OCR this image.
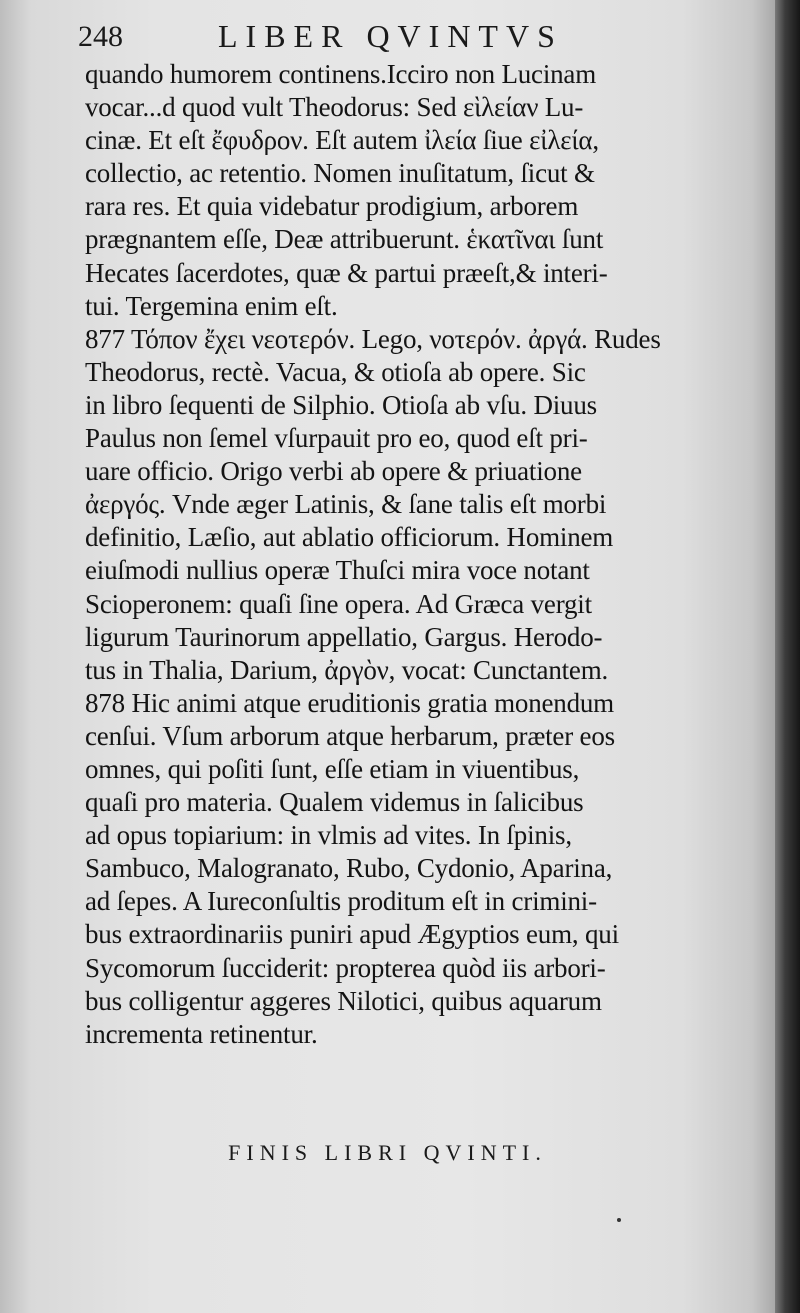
248	LIBER QVINTVS
quando humorem continens.Icciro non Lucinam
vocar...d quod vult Theodorus: Sed εὶλείαν Lu-
cinæ. Et eſt ἔφυδρον. Eſt autem ἰλεία ſiue εἰλεία,
collectio, ac retentio. Nomen inuſitatum, ſicut &
rara res. Et quia videbatur prodigium, arborem
prægnantem eſſe, Deæ attribuerunt. ἑκατῖναι ſunt
Hecates ſacerdotes, quæ & partui præeſt,& interi-
tui. Tergemina enim eſt.
877 Τόπον ἔχει νεοτερόν. Lego, νοτερόν. ἀργά. Rudes
Theodorus, rectè. Vacua, & otioſa ab opere. Sic
in libro ſequenti de Silphio. Otioſa ab vſu. Diuus
Paulus non ſemel vſurpauit pro eo, quod eſt pri-
uare officio. Origo verbi ab opere & priuatione
ἀεργός. Vnde æger Latinis, & ſane talis eſt morbi
definitio, Læſio, aut ablatio officiorum. Hominem
eiuſmodi nullius operæ Thuſci mira voce notant
Scioperonem: quaſi ſine opera. Ad Græca vergit
ligurum Taurinorum appellatio, Gargus. Herodo-
tus in Thalia, Darium, ἀργὸν, vocat: Cunctantem.
878 Hic animi atque eruditionis gratia monendum
cenſui. Vſum arborum atque herbarum, præter eos
omnes, qui poſiti ſunt, eſſe etiam in viuentibus,
quaſi pro materia. Qualem videmus in ſalicibus
ad opus topiarium: in vlmis ad vites. In ſpinis,
Sambuco, Malogranato, Rubo, Cydonio, Aparina,
ad ſepes. A Iureconſultis proditum eſt in crimini-
bus extraordinariis puniri apud Ægyptios eum, qui
Sycomorum ſucciderit: propterea quòd iis arbori-
bus colligentur aggeres Nilotici, quibus aquarum
incrementa retinentur.
FINIS LIBRI QVINTI.
